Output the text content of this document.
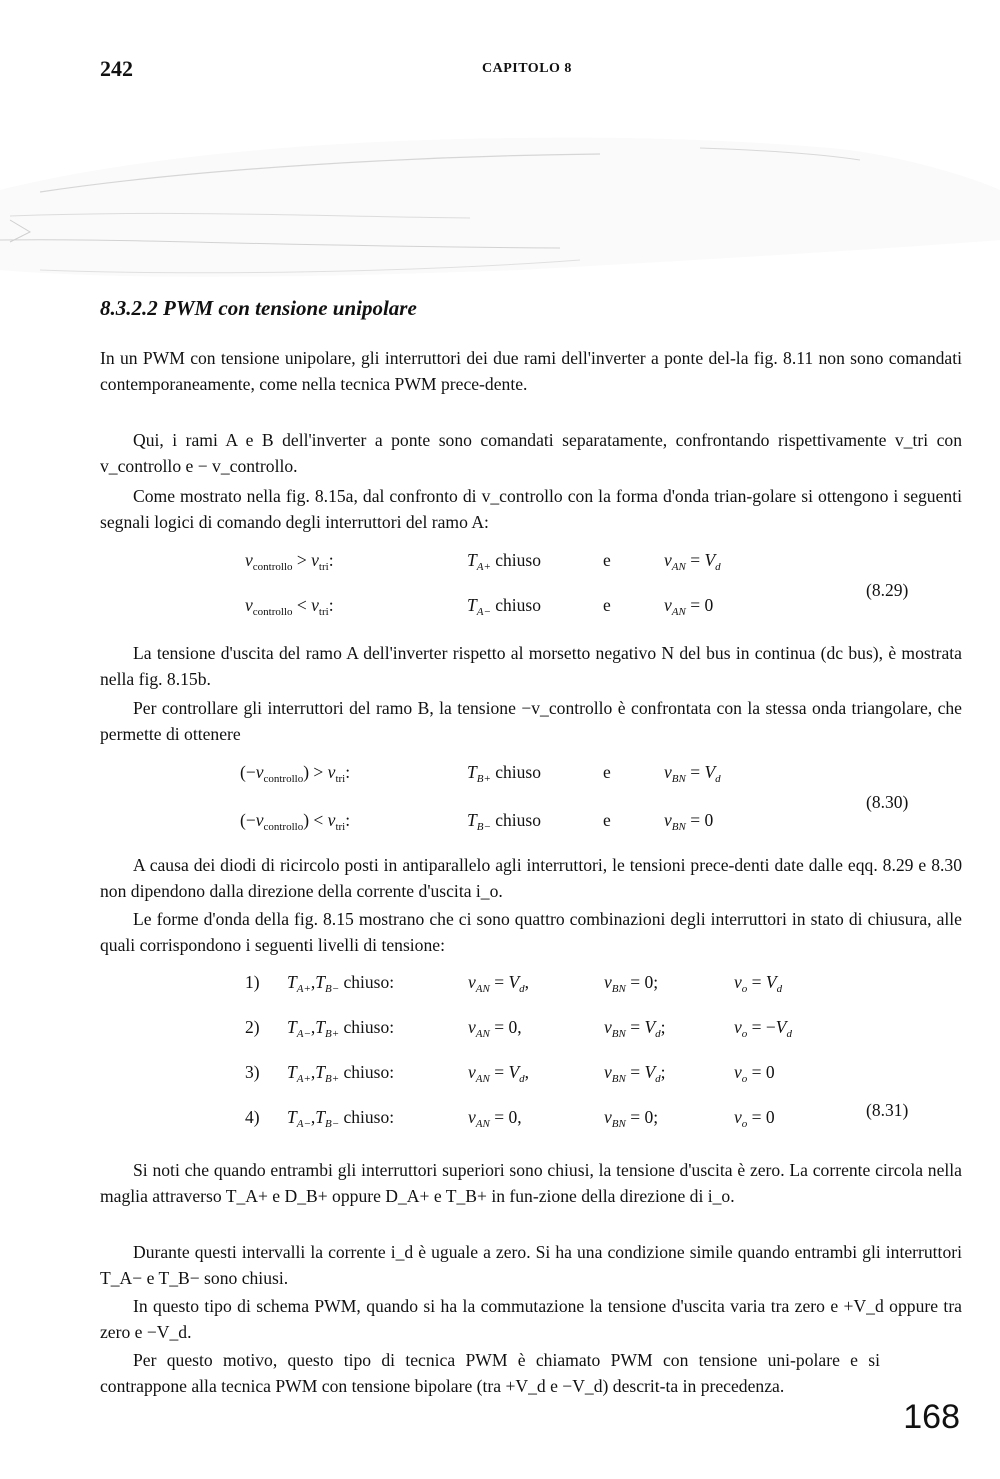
242	CAPITOLO 8
8.3.2.2 PWM con tensione unipolare
In un PWM con tensione unipolare, gli interruttori dei due rami dell'inverter a ponte del-la fig. 8.11 non sono comandati contemporaneamente, come nella tecnica PWM prece-dente.
Qui, i rami A e B dell'inverter a ponte sono comandati separatamente, confrontando rispettivamente v_tri con v_controllo e − v_controllo.
Come mostrato nella fig. 8.15a, dal confronto di v_controllo con la forma d'onda trian-golare si ottengono i seguenti segnali logici di comando degli interruttori del ramo A:
$v_{controllo} > v_{tri}$:	$T_{A+}$ chiuso	e	$v_{AN} = V_d$
$v_{controllo} < v_{tri}$:	$T_{A-}$ chiuso	e	$v_{AN} = 0$
(8.29)
La tensione d'uscita del ramo A dell'inverter rispetto al morsetto negativo N del bus in continua (dc bus), è mostrata nella fig. 8.15b.
Per controllare gli interruttori del ramo B, la tensione −v_controllo è confrontata con la stessa onda triangolare, che permette di ottenere
$(-v_{controllo}) > v_{tri}$:	$T_{B+}$ chiuso	e	$v_{BN} = V_d$
$(-v_{controllo}) < v_{tri}$:	$T_{B-}$ chiuso	e	$v_{BN} = 0$
(8.30)
A causa dei diodi di ricircolo posti in antiparallelo agli interruttori, le tensioni prece-denti date dalle eqq. 8.29 e 8.30 non dipendono dalla direzione della corrente d'uscita i_o.
Le forme d'onda della fig. 8.15 mostrano che ci sono quattro combinazioni degli interruttori in stato di chiusura, alle quali corrispondono i seguenti livelli di tensione:
1) $T_{A+},T_{B-}$ chiuso:	$v_{AN} = V_d$,	$v_{BN} = 0$;	$v_o = V_d$
2) $T_{A-},T_{B+}$ chiuso:	$v_{AN} = 0$,	$v_{BN} = V_d$;	$v_o = -V_d$
3) $T_{A+},T_{B+}$ chiuso:	$v_{AN} = V_d$,	$v_{BN} = V_d$;	$v_o = 0$
4) $T_{A-},T_{B-}$ chiuso:	$v_{AN} = 0$,	$v_{BN} = 0$;	$v_o = 0$	(8.31)
Si noti che quando entrambi gli interruttori superiori sono chiusi, la tensione d'uscita è zero. La corrente circola nella maglia attraverso T_A+ e D_B+ oppure D_A+ e T_B+ in fun-zione della direzione di i_o.
Durante questi intervalli la corrente i_d è uguale a zero. Si ha una condizione simile quando entrambi gli interruttori T_A− e T_B− sono chiusi.
In questo tipo di schema PWM, quando si ha la commutazione la tensione d'uscita varia tra zero e +V_d oppure tra zero e −V_d.
Per questo motivo, questo tipo di tecnica PWM è chiamato PWM con tensione uni-polare e si contrappone alla tecnica PWM con tensione bipolare (tra +V_d e −V_d) descrit-ta in precedenza.
168
